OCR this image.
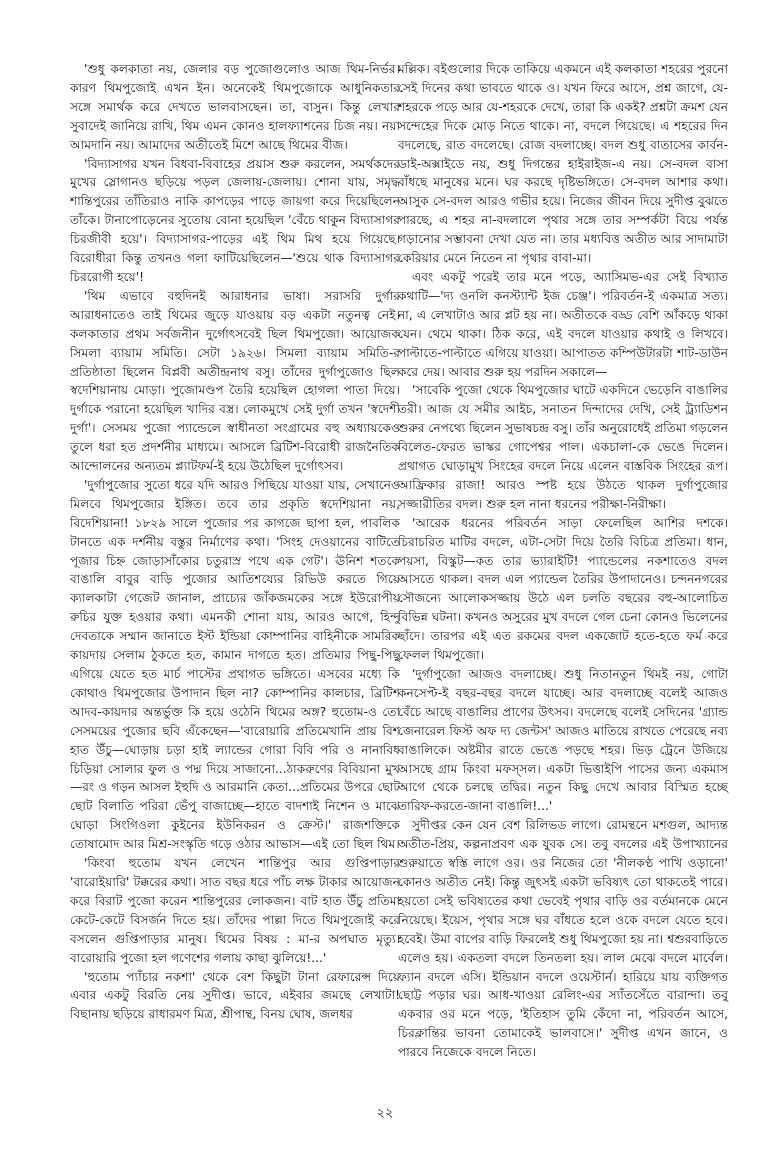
'শুধু কলকাতা নয়, জেলার বড় পুজোগুলোও আজ থিম-নির্ভর। কারণ থিমপুজোই এখন ইন। অনেকেই থিমপুজোকে আধুনিকতার সঙ্গে সমার্থক করে দেখতে ভালবাসছেন। তা, বাসুন। কিন্তু লেখার সুবাদেই জানিয়ে রাখি, থিম এমন কোনও হালফ্যাশনের চিজ নয়। নয়া আমদানি নয়। আমাদের অতীতেই মিশে আছে থিমের বীজ।

'বিদ্যাসাগর যখন বিধবা-বিবাহের প্রয়াস শুরু করলেন, সমর্থকদের মুখের স্লোগানও ছড়িয়ে পড়ল জেলায়-জেলায়। শোনা যায়, সমৃদ্ধ শান্তিপুরের তাঁতিরাও নাকি কাপড়ের পাড়ে জায়গা করে দিয়েছিলেন তাঁকে। টানাপোড়েনের সুতোয় বোনা হয়েছিল 'বেঁচে থাকুন বিদ্যাসাগর চিরজীবী হয়ে'। বিদ্যাসাগর-পাড়ের এই থিম মিথ হয়ে গিয়েছে। বিরোধীরা কিন্তু তখনও গলা ফাটিয়েছিলেন—'শুয়ে থাক বিদ্যাসাগর চিররোগী হয়ে'!

'থিম এভাবে বহুদিনই আরাধনার ভাষা। সরাসরি দুর্গার আরাধনাতেও তাই থিমের জুড়ে যাওয়ায় বড় একটা নতুনত্ব নেই। কলকাতার প্রথম সর্বজনীন দুর্গোৎসবেই ছিল থিমপুজো। আয়োজক সিমলা ব্যায়াম সমিতি। সেটা ১৯২৬। সিমলা ব্যায়াম সমিতি-র প্রতিষ্ঠাতা ছিলেন বিপ্লবী অতীন্দ্রনাথ বসু। তাঁদের দুর্গাপুজোও ছিল স্বদেশিয়ানায় মোড়া। পুজোমণ্ডপ তৈরি হয়েছিল হোগলা পাতা দিয়ে। দুর্গাকে পরানো হয়েছিল খাদির বস্ত্র। লোকমুখে সেই দুর্গা তখন 'স্বদেশী দুর্গা'। সেসময় পুজো প্যান্ডেলে স্বাধীনতা সংগ্রামের বহু অধ্যায়কেও তুলে ধরা হত প্রদর্শনীর মাধ্যমে। আসলে ব্রিটিশ-বিরোধী রাজনৈতিক আন্দোলনের অন্যতম প্ল্যাটফর্ম-ই হয়ে উঠেছিল দুর্গোৎসব।

'দুর্গাপুজোর সুতো ধরে যদি আরও পিছিয়ে যাওয়া যায়, সেখানেও মিলবে থিমপুজোর ইঙ্গিত। তবে তার প্রকৃতি স্বদেশিয়ানা নয়, বিদেশিয়ানা! ১৮২৯ সালে পুজোর পর কাগজে ছাপা হল, পাবলিক টানতে এক দর্শনীয় বস্তুর নির্মাণের কথা। 'সিংহ দেওয়ানের বাটিতে পূজার চিহ্ন জোড়াসাঁকোর চতুরাস্র পথে এক গেট'। ঊনিশ শতকে বাঙালি বাবুর বাড়ি পুজোর আতিশয্যের রিভিউ করতে গিয়ে ক্যালকাটা গেজেট জানাল, প্রাচ্যের জাঁকজমকের সঙ্গে ইউরোপীয় রুচির যুক্ত হওয়ার কথা। এমনকী শোনা যায়, আরও আগে, হিন্দু দেবতাকে সম্মান জানাতে ইস্ট ইন্ডিয়া কোম্পানির বাহিনীকে সামরিক কায়দায় সেলাম ঠুকতে হত, কামান দাগতে হত। প্রতিমার পিছু-পিছু এগিয়ে যেতে হত মার্চ পাস্টের প্রথাগত ভঙ্গিতে। এসবের মধ্যে কি কোথাও থিমপুজোর উপাদান ছিল না? কোম্পানির কালচার, ব্রিটিশ আদব-কায়দার অন্তর্ভুক্ত কি হয়ে ওঠেনি থিমের অঙ্গ? হুতোম-ও তো সেসময়ের পুজোর ছবি এঁকেছেন—'বারোয়ারি প্রতিমেখানি প্রায় বিশ হাত উঁচু—ঘোড়ায় চড়া হাই ল্যান্ডের গোরা বিবি পরি ও নানাবিধ চিড়িয়া সোলার ফুল ও পদ্ম দিয়ে সাজানো...ঠাকরুণের বিবিয়ানা মুখ—রং ও গড়ন আসল ইহুদি ও আরমানি কেতা...প্রতিমের উপরে ছোট ছোট বিলাতি পরিরা ভেঁপু বাজাচ্ছে—হাতে বাদশাই নিশেন ও মাঝে ঘোড়া সিংগিওলা কুইনের ইউনিকরন ও ক্রেস্ট।' রাজশক্তিকে তোষামোদ আর মিশ্র-সংস্কৃতি গড়ে ওঠার আভাস—এই তো ছিল থিম।

'কিংবা হুতোম যখন লেখেন শান্তিপুর আর গুপ্তিপাড়ার 'বারোইয়ারি' টক্করের কথা। সাত বছর ধরে পাঁচ লক্ষ টাকার আয়োজন করে বিরাট পুজো করেন শান্তিপুরের লোকজন। বাট হাত উঁচু প্রতিমা কেটে-কেটে বিসর্জন দিতে হয়। তাঁদের পাল্লা দিতে থিমপুজোই করে বসলেন গুপ্তিপাড়ার মানুষ। থিমের বিষয় : মা-র অপঘাত মৃত্যু। বারোয়ারি পুজো হল গণেশের গলায় কাছা ঝুলিয়ে!...'

'হুতোম প্যাঁচার নকশা' থেকে বেশ কিছুটা টানা রেফারেন্স দিয়ে এবার একটু বিরতি নেয় সুদীপ্ত। ভাবে, এইবার জমছে লেখাটা! বিছানায় ছড়িয়ে রাধারমণ মিত্র, শ্রীপান্থ, বিনয় ঘোষ, জলধর

মল্লিক। বইগুলোর দিকে তাকিয়ে একমনে এই কলকাতা শহরের পুরনো সেই দিনের কথা ভাবতে থাকে ও। যখন ফিরে আসে, প্রশ্ন জাগে, যে-শহরকে পড়ে আর যে-শহরকে দেখে, তারা কি একই? প্রশ্নটা ক্রমশ যেন সন্দেহের দিকে মোড় নিতে থাকে। না, বদলে গিয়েছে। এ শহরের দিন বদলেছে, রাত বদলেছে। রোজ বদলাচ্ছে। বদল শুধু বাতাসের কার্বন-ডাই-অক্সাইডে নয়, শুধু দিগন্তের হাইরাইজ-এ নয়। সে-বদল বাসা বাঁধছে মানুষের মনে। ঘর করছে দৃষ্টিভঙ্গিতে। সে-বদল আশার কথা। আসুক সে-বদল আরও গভীর হয়ে। নিজের জীবন দিয়ে সুদীপ্ত বুঝতে পারছে, এ শহর না-বদলালে পৃথার সঙ্গে তার সম্পর্কটা বিয়ে পর্যন্ত গড়ানোর সম্ভাবনা দেখা যেত না। তার মধ্যবিত্ত অতীত আর সাদামাটা কেরিয়ার মেনে নিতেন না পৃথার বাবা-মা।

এবং একটু পরেই তার মনে পড়ে, অ্যাসিমভ-এর সেই বিখ্যাত কথাটি—'দ্য ওনলি কনস্ট্যান্ট ইজ চেঞ্জ'। পরিবর্তন-ই একমাত্র সত্য। না, এ লেখাটাও আর প্লট হয় না। অতীতকে বড্ড বেশি আঁকড়ে থাকা যেন। থেমে থাকা। ঠিক করে, এই বদলে যাওয়ার কথাই ও লিখবে। পাল্টাতে-পাল্টাতে এগিয়ে যাওয়া। আপাতত কম্পিউটারটা শাট-ডাউন করে দেয়। আবার শুরু হয় পরদিন সকালে—

'সাবেকি পুজো থেকে থিমপুজোর ঘাটে একদিনে ভেড়েনি বাঙালির তরী। আজ যে সমীর আইচ, সনাতন দিন্দাদের দেখি, সেই ট্র্যাডিশন শুরুর নেপথ্যে ছিলেন সুভাষচন্দ্র বসু। তাঁর অনুরোধেই প্রতিমা গড়লেন বিলেত-ফেরত ভাস্কর গোপেশ্বর পাল। একচালা-কে ভেঙে দিলেন। প্রথাগত ঘোড়ামুখ সিংহের বদলে নিয়ে এলেন বাস্তবিক সিংহের রূপ। আফ্রিকার রাজা! আরও স্পষ্ট হয়ে উঠতে থাকল দুর্গাপুজোর সজ্জারীতির বদল। শুরু হল নানা ধরনের পরীক্ষা-নিরীক্ষা।

'আরেক ধরনের পরিবর্তন সাড়া ফেলেছিল আশির দশকে। চিরাচরিত মাটির বদলে, এটা-সেটা দিয়ে তৈরি বিচিত্র প্রতিমা। ধান, পয়সা, বিস্কুট—কত তার ভ্যারাইটি! প্যান্ডেলের নকশাতেও বদল আসতে থাকল। বদল এল প্যান্ডেল তৈরির উপাদানেও। চন্দননগরের সৌজন্যে আলোকসজ্জায় উঠে এল চলতি বছরের বহু-আলোচিত বিভিন্ন ঘটনা। কখনও অসুরের মুখ বদলে গেল চেনা কোনও ভিলেনের ছাঁদে। তারপর এই এত রকমের বদল একজোট হতে-হতে ফর্ম করে ফেলল থিমপুজো।

'দুর্গাপুজো আজও বদলাচ্ছে। শুধু নিতানতুন থিমই নয়, গোটা কনসেপ্ট-ই বছর-বছর বদলে যাচ্ছে। আর বদলাচ্ছে বলেই আজও বেঁচে আছে বাঙালির প্রাণের উৎসব। বদলেছে বলেই সেদিনের 'গ্র্যান্ড জেনারেল ফিস্ট অফ দ্য জেন্টস' আজও মাতিয়ে রাখতে পেরেছে নব্য বাঙালিকে। অষ্টমীর রাতে ভেঙে পড়ছে শহর। ভিড় ট্রেনে উজিয়ে আসছে গ্রাম কিংবা মফস্সল। একটা ভিত্তাইপি পাসের জন্য একমাস আগে থেকে চলছে তদ্বির। নতুন কিছু দেখে আবার বিস্মিত হচ্ছে তারিফ-করতে-জানা বাঙালি!...'

সুদীপ্তর কেন যেন বেশ রিলিভড লাগে। রোমন্থনে মশগুল, আদ্যন্ত অতীত-প্রিয়, কল্পনাপ্রবণ এক যুবক সে। তবু বদলের এই উপাখ্যানের শুরুয়াতে স্বস্তি লাগে ওর। ওর নিজের তো 'নীলকণ্ঠ পাখি ওড়ানো' কোনও অতীত নেই। কিন্তু জুৎসই একটা ভবিষ্যৎ তো থাকতেই পারে। হয়তো সেই ভবিষ্যতের কথা ভেবেই পৃথার বাড়ি ওর বর্তমানকে মেনে নিয়েছে। ইয়েস, পৃথার সঙ্গে ঘর বাঁধতে হলে ওকে বদলে যেতে হবে। হবেই। উমা বাপের বাড়ি ফিরলেই শুধু থিমপুজো হয় না। শ্বশুরবাড়িতে এলেও হয়। একতলা বদলে তিনতলা হয়। লাল মেঝে বদলে মার্বেল। ফ্যান বদলে এসি। ইন্ডিয়ান বদলে ওয়েস্টার্ন। হারিয়ে যায় ব্যক্তিগত ছোট্ট পড়ার ঘর। আধ-খাওয়া রেলিং-এর স্যাঁতসেঁতে বারান্দা। তবু একবার ওর মনে পড়ে, 'ইতিহাস তুমি কেঁদো না, পরিবর্তন আসে, চিরক্লান্তির ভাবনা তোমাকেই ভালবাসে।' সুদীপ্ত এখন জানে, ও পারবে নিজেকে বদলে নিতে।

২২
